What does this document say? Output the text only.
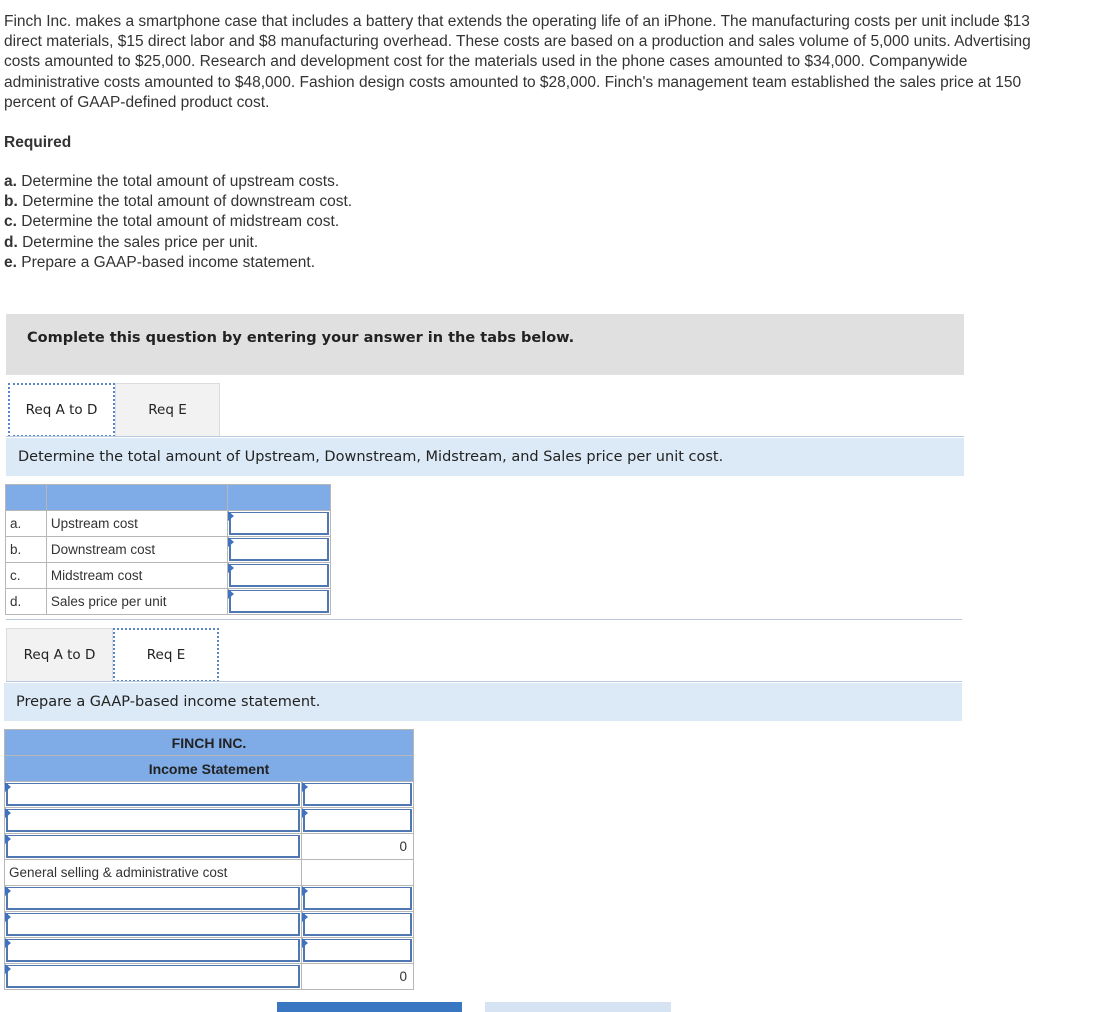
Finch Inc. makes a smartphone case that includes a battery that extends the operating life of an iPhone. The manufacturing costs per unit include $13 direct materials, $15 direct labor and $8 manufacturing overhead. These costs are based on a production and sales volume of 5,000 units. Advertising costs amounted to $25,000. Research and development cost for the materials used in the phone cases amounted to $34,000. Companywide administrative costs amounted to $48,000. Fashion design costs amounted to $28,000. Finch's management team established the sales price at 150 percent of GAAP-defined product cost.

Required
a. Determine the total amount of upstream costs.
b. Determine the total amount of downstream cost.
c. Determine the total amount of midstream cost.
d. Determine the sales price per unit.
e. Prepare a GAAP-based income statement.
Complete this question by entering your answer in the tabs below.
Req A to D	Req E
Determine the total amount of Upstream, Downstream, Midstream, and Sales price per unit cost.

a.	Upstream cost	

b.	Downstream cost	

c.	Midstream cost	

d.	Sales price per unit	
Req A to D	Req E
Prepare a GAAP-based income statement.
FINCH INC.	
Income Statement	

	0
General selling & administrative cost	

	0
